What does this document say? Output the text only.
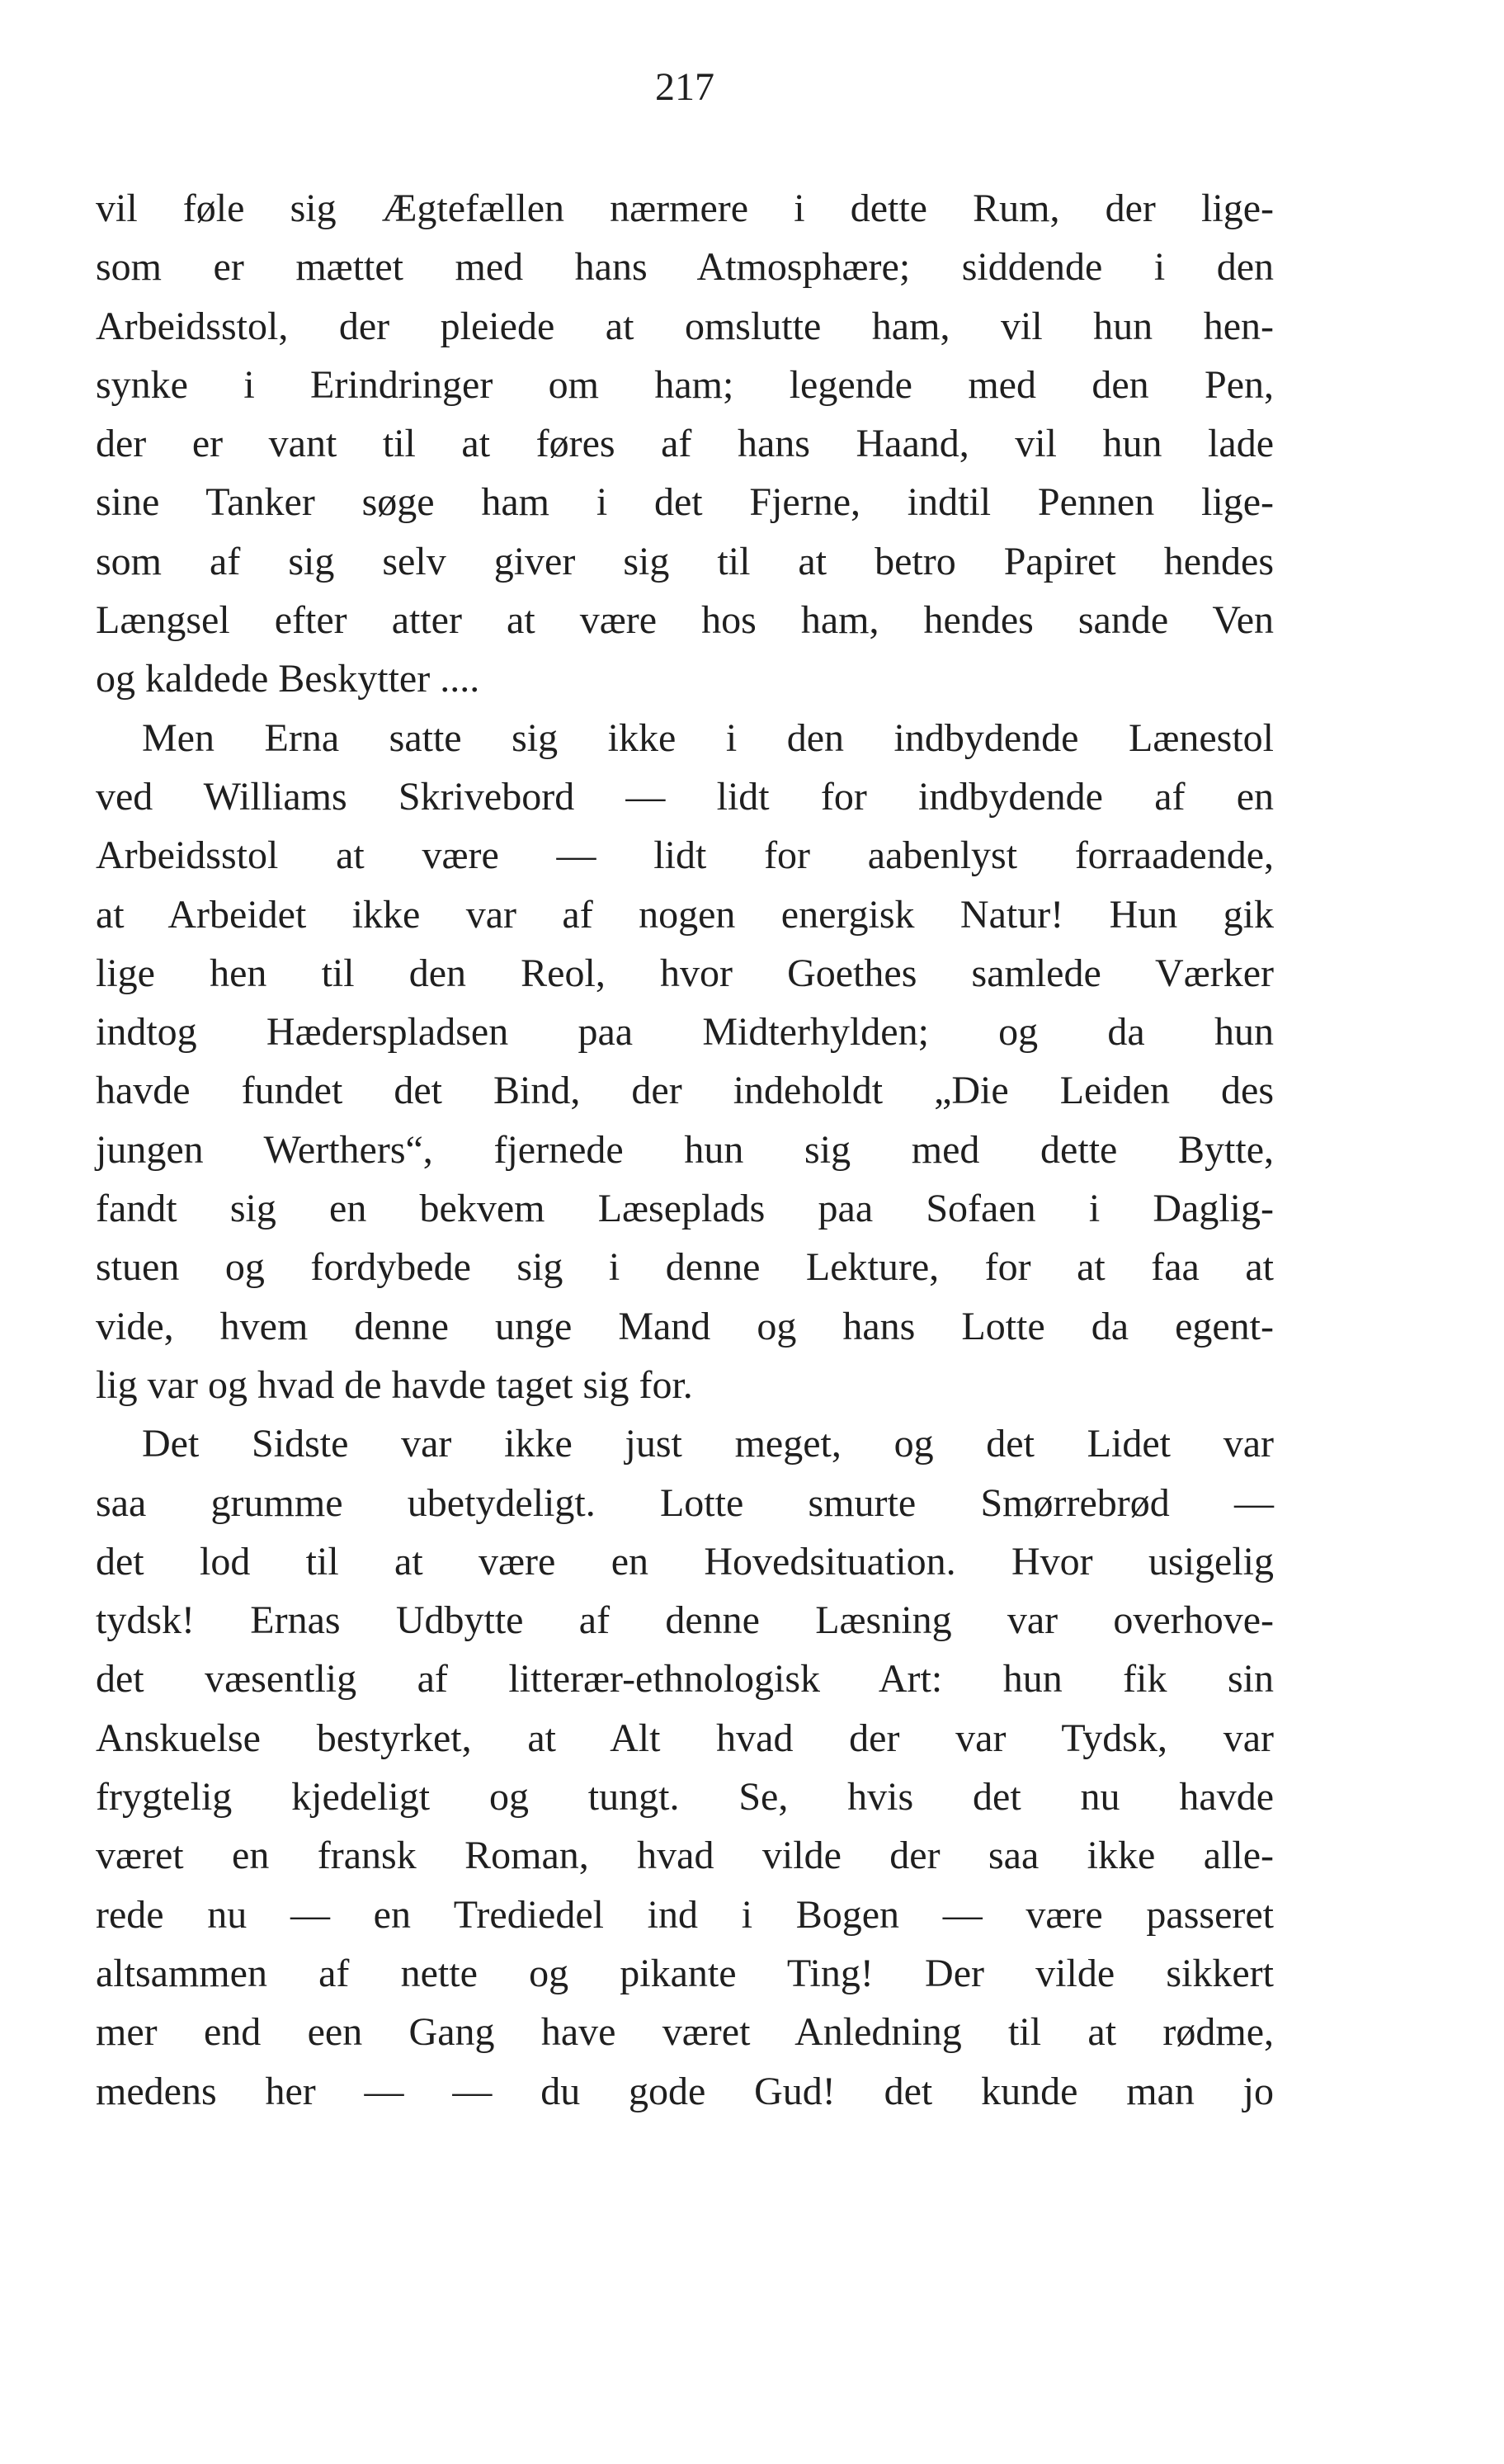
217
vil føle sig Ægtefællen nærmere i dette Rum, der lige-
som er mættet med hans Atmosphære; siddende i den
Arbeidsstol, der pleiede at omslutte ham, vil hun hen-
synke i Erindringer om ham; legende med den Pen,
der er vant til at føres af hans Haand, vil hun lade
sine Tanker søge ham i det Fjerne, indtil Pennen lige-
som af sig selv giver sig til at betro Papiret hendes
Længsel efter atter at være hos ham, hendes sande Ven
og kaldede Beskytter ....
Men Erna satte sig ikke i den indbydende Lænestol
ved Williams Skrivebord — lidt for indbydende af en
Arbeidsstol at være — lidt for aabenlyst forraadende,
at Arbeidet ikke var af nogen energisk Natur! Hun gik
lige hen til den Reol, hvor Goethes samlede Værker
indtog Hæderspladsen paa Midterhylden; og da hun
havde fundet det Bind, der indeholdt „Die Leiden des
jungen Werthers“, fjernede hun sig med dette Bytte,
fandt sig en bekvem Læseplads paa Sofaen i Daglig-
stuen og fordybede sig i denne Lekture, for at faa at
vide, hvem denne unge Mand og hans Lotte da egent-
lig var og hvad de havde taget sig for.
Det Sidste var ikke just meget, og det Lidet var
saa grumme ubetydeligt. Lotte smurte Smørrebrød —
det lod til at være en Hovedsituation. Hvor usigelig
tydsk! Ernas Udbytte af denne Læsning var overhove-
det væsentlig af litterær-ethnologisk Art: hun fik sin
Anskuelse bestyrket, at Alt hvad der var Tydsk, var
frygtelig kjedeligt og tungt. Se, hvis det nu havde
været en fransk Roman, hvad vilde der saa ikke alle-
rede nu — en Trediedel ind i Bogen — være passeret
altsammen af nette og pikante Ting! Der vilde sikkert
mer end een Gang have været Anledning til at rødme,
medens her — — du gode Gud! det kunde man jo
